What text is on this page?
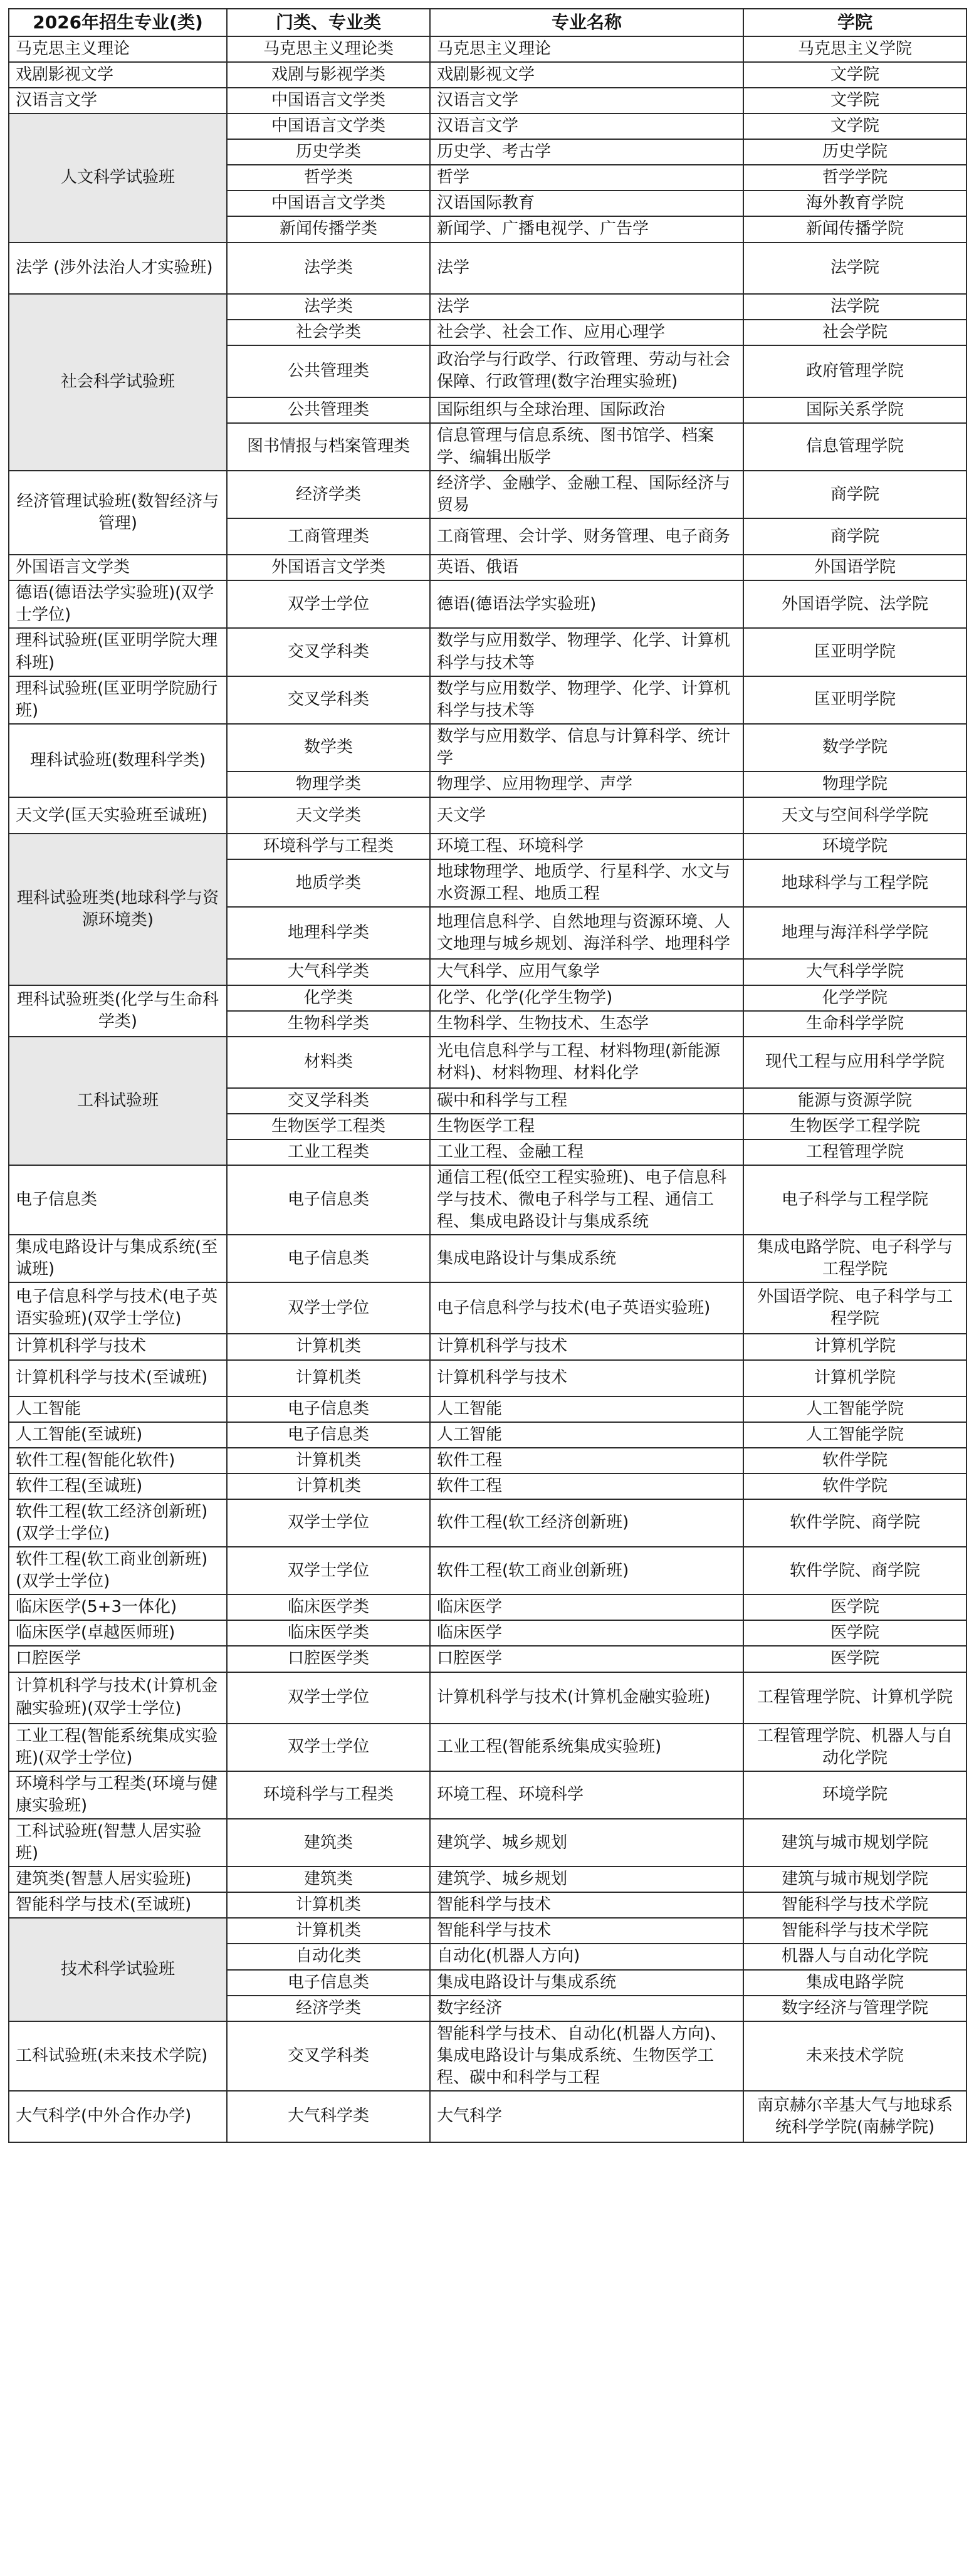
2026年招生专业(类)	门类、专业类	专业名称	学院
马克思主义理论	马克思主义理论类	马克思主义理论	马克思主义学院
戏剧影视文学	戏剧与影视学类	戏剧影视文学	文学院
汉语言文学	中国语言文学类	汉语言文学	文学院
人文科学试验班	中国语言文学类	汉语言文学	文学院
	历史学类	历史学、考古学	历史学院
	哲学类	哲学	哲学学院
	中国语言文学类	汉语国际教育	海外教育学院
	新闻传播学类	新闻学、广播电视学、广告学	新闻传播学院
法学 (涉外法治人才实验班)	法学类	法学	法学院
社会科学试验班	法学类	法学	法学院
	社会学类	社会学、社会工作、应用心理学	社会学院
	公共管理类	政治学与行政学、行政管理、劳动与社会保障、行政管理(数字治理实验班)	政府管理学院
	公共管理类	国际组织与全球治理、国际政治	国际关系学院
	图书情报与档案管理类	信息管理与信息系统、图书馆学、档案学、编辑出版学	信息管理学院
经济管理试验班(数智经济与管理)	经济学类	经济学、金融学、金融工程、国际经济与贸易	商学院
	工商管理类	工商管理、会计学、财务管理、电子商务	商学院
外国语言文学类	外国语言文学类	英语、俄语	外国语学院
德语(德语法学实验班)(双学士学位)	双学士学位	德语(德语法学实验班)	外国语学院、法学院
理科试验班(匡亚明学院大理科班)	交叉学科类	数学与应用数学、物理学、化学、计算机科学与技术等	匡亚明学院
理科试验班(匡亚明学院励行班)	交叉学科类	数学与应用数学、物理学、化学、计算机科学与技术等	匡亚明学院
理科试验班(数理科学类)	数学类	数学与应用数学、信息与计算科学、统计学	数学学院
	物理学类	物理学、应用物理学、声学	物理学院
天文学(匡天实验班至诚班)	天文学类	天文学	天文与空间科学学院
理科试验班类(地球科学与资源环境类)	环境科学与工程类	环境工程、环境科学	环境学院
	地质学类	地球物理学、地质学、行星科学、水文与水资源工程、地质工程	地球科学与工程学院
	地理科学类	地理信息科学、自然地理与资源环境、人文地理与城乡规划、海洋科学、地理科学	地理与海洋科学学院
	大气科学类	大气科学、应用气象学	大气科学学院
理科试验班类(化学与生命科学类)	化学类	化学、化学(化学生物学)	化学学院
	生物科学类	生物科学、生物技术、生态学	生命科学学院
工科试验班	材料类	光电信息科学与工程、材料物理(新能源材料)、材料物理、材料化学	现代工程与应用科学学院
	交叉学科类	碳中和科学与工程	能源与资源学院
	生物医学工程类	生物医学工程	生物医学工程学院
	工业工程类	工业工程、金融工程	工程管理学院
电子信息类	电子信息类	通信工程(低空工程实验班)、电子信息科学与技术、微电子科学与工程、通信工程、集成电路设计与集成系统	电子科学与工程学院
集成电路设计与集成系统(至诚班)	电子信息类	集成电路设计与集成系统	集成电路学院、电子科学与工程学院
电子信息科学与技术(电子英语实验班)(双学士学位)	双学士学位	电子信息科学与技术(电子英语实验班)	外国语学院、电子科学与工程学院
计算机科学与技术	计算机类	计算机科学与技术	计算机学院
计算机科学与技术(至诚班)	计算机类	计算机科学与技术	计算机学院
人工智能	电子信息类	人工智能	人工智能学院
人工智能(至诚班)	电子信息类	人工智能	人工智能学院
软件工程(智能化软件)	计算机类	软件工程	软件学院
软件工程(至诚班)	计算机类	软件工程	软件学院
软件工程(软工经济创新班)(双学士学位)	双学士学位	软件工程(软工经济创新班)	软件学院、商学院
软件工程(软工商业创新班)(双学士学位)	双学士学位	软件工程(软工商业创新班)	软件学院、商学院
临床医学(5+3一体化)	临床医学类	临床医学	医学院
临床医学(卓越医师班)	临床医学类	临床医学	医学院
口腔医学	口腔医学类	口腔医学	医学院
计算机科学与技术(计算机金融实验班)(双学士学位)	双学士学位	计算机科学与技术(计算机金融实验班)	工程管理学院、计算机学院
工业工程(智能系统集成实验班)(双学士学位)	双学士学位	工业工程(智能系统集成实验班)	工程管理学院、机器人与自动化学院
环境科学与工程类(环境与健康实验班)	环境科学与工程类	环境工程、环境科学	环境学院
工科试验班(智慧人居实验班)	建筑类	建筑学、城乡规划	建筑与城市规划学院
建筑类(智慧人居实验班)	建筑类	建筑学、城乡规划	建筑与城市规划学院
智能科学与技术(至诚班)	计算机类	智能科学与技术	智能科学与技术学院
技术科学试验班	计算机类	智能科学与技术	智能科学与技术学院
	自动化类	自动化(机器人方向)	机器人与自动化学院
	电子信息类	集成电路设计与集成系统	集成电路学院
	经济学类	数字经济	数字经济与管理学院
工科试验班(未来技术学院)	交叉学科类	智能科学与技术、自动化(机器人方向)、集成电路设计与集成系统、生物医学工程、碳中和科学与工程	未来技术学院
大气科学(中外合作办学)	大气科学类	大气科学	南京赫尔辛基大气与地球系统科学学院(南赫学院)
